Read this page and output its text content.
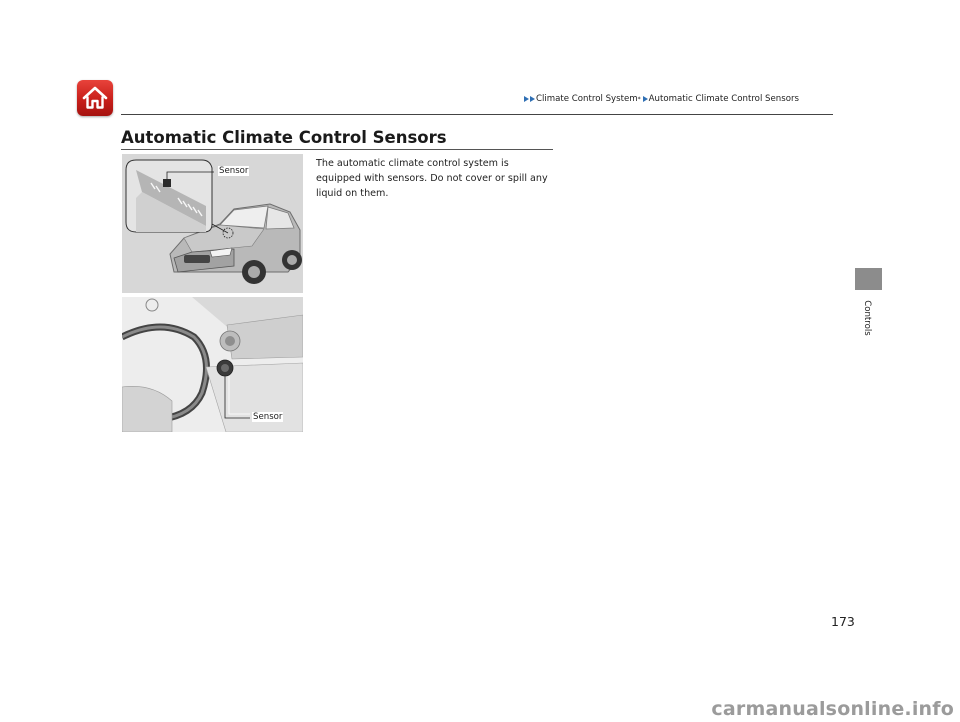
Climate Control System * Automatic Climate Control Sensors
Automatic Climate Control Sensors
Sensor
Sensor
The automatic climate control system is equipped with sensors. Do not cover or spill any liquid on them.
Controls
173
carmanualsonline.info
